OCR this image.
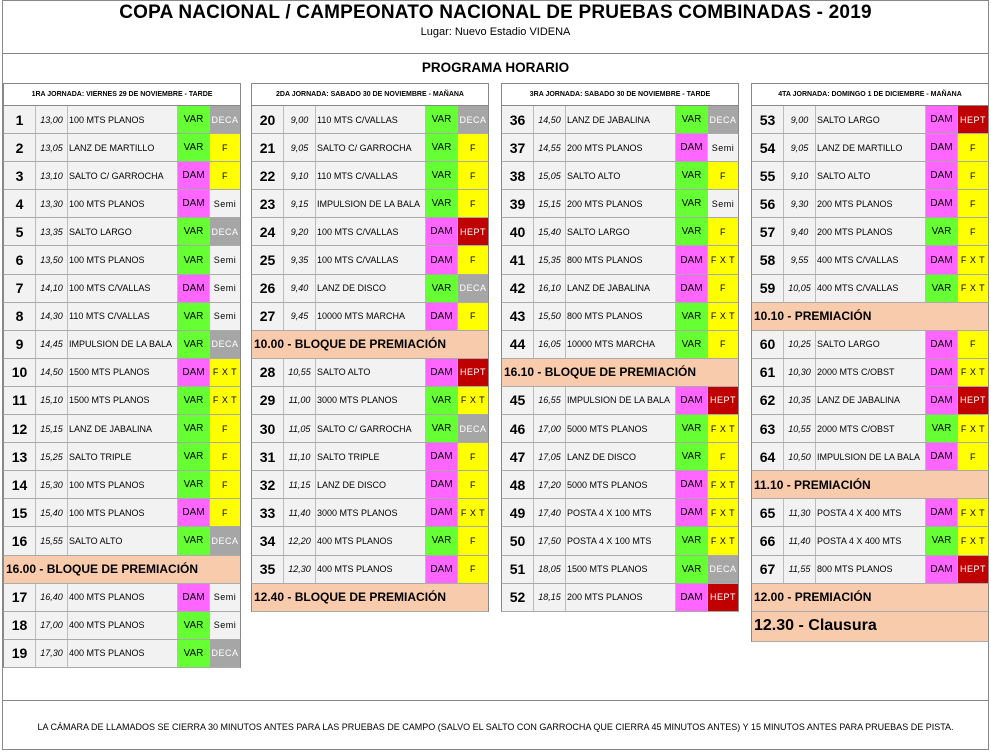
COPA NACIONAL / CAMPEONATO NACIONAL DE PRUEBAS COMBINADAS - 2019
Lugar: Nuevo Estadio VIDENA
PROGRAMA HORARIO
1RA JORNADA: VIERNES 29 DE NOVIEMBRE - TARDE
1	13,00 100 MTS PLANOS	VAR DECA
2	13,05 LANZ DE MARTILLO	VAR	F
3	13,10 SALTO C/ GARROCHA	DAM	F
4	13,30 100 MTS PLANOS	DAM	Semi
5	13,35 SALTO LARGO	VAR DECA
6	13,50 100 MTS PLANOS	VAR	Semi
7	14,10 100 MTS C/VALLAS	DAM	Semi
8	14,30 110 MTS C/VALLAS	VAR	Semi
9	14,45 IMPULSION DE LA BALA	VAR DECA
10	14,50 1500 MTS PLANOS	DAM F X T
11	15,10 1500 MTS PLANOS	VAR	F X T
12	15,15 LANZ DE JABALINA	VAR	F
13	15,25 SALTO TRIPLE	VAR	F
14	15,30 100 MTS PLANOS	VAR	F
15	15,40 100 MTS PLANOS	DAM	F
16	15,55 SALTO ALTO	VAR DECA
16.00 - BLOQUE DE PREMIACIÓN
17	16,40 400 MTS PLANOS	DAM	Semi
18	17,00 400 MTS PLANOS	VAR	Semi
19	17,30 400 MTS PLANOS	VAR DECA
2DA JORNADA: SABADO 30 DE NOVIEMBRE - MAÑANA
20	9,00 110 MTS C/VALLAS	VAR DECA
21	9,05 SALTO C/ GARROCHA	VAR	F
22	9,10 110 MTS C/VALLAS	VAR	F
23	9,15 IMPULSION DE LA BALA	VAR	F
24	9,20 100 MTS C/VALLAS	DAM HEPT
25	9,35 100 MTS C/VALLAS	DAM	F
26	9,40 LANZ DE DISCO	VAR DECA
27	9,45 10000 MTS MARCHA	DAM	F
10.00 - BLOQUE DE PREMIACIÓN
28	10,55 SALTO ALTO	DAM HEPT
29	11,00 3000 MTS PLANOS	VAR	F X T
30	11,05 SALTO C/ GARROCHA	VAR DECA
31	11,10 SALTO TRIPLE	DAM	F
32	11,15 LANZ DE DISCO	DAM	F
33	11,40 3000 MTS PLANOS	DAM F X T
34	12,20 400 MTS PLANOS	VAR	F
35	12,30 400 MTS PLANOS	DAM	F
12.40 - BLOQUE DE PREMIACIÓN
3RA JORNADA: SABADO 30 DE NOVIEMBRE - TARDE
36	14,50 LANZ DE JABALINA	VAR DECA
37	14,55 200 MTS PLANOS	DAM	Semi
38	15,05 SALTO ALTO	VAR	F
39	15,15 200 MTS PLANOS	VAR	Semi
40	15,40 SALTO LARGO	VAR	F
41	15,35 800 MTS PLANOS	DAM F X T
42	16,10 LANZ DE JABALINA	DAM	F
43	15,50 800 MTS PLANOS	VAR	F X T
44	16,05 10000 MTS MARCHA	VAR	F
16.10 - BLOQUE DE PREMIACIÓN
45	16,55 IMPULSION DE LA BALA	DAM HEPT
46	17,00 5000 MTS PLANOS	VAR	F X T
47	17,05 LANZ DE DISCO	VAR	F
48	17,20 5000 MTS PLANOS	DAM F X T
49	17,40 POSTA 4 X 100 MTS	DAM F X T
50	17,50 POSTA 4 X 100 MTS	VAR	F X T
51	18,05 1500 MTS PLANOS	VAR DECA
52	18,15 200 MTS PLANOS	DAM HEPT
4TA JORNADA: DOMINGO 1 DE DICIEMBRE - MAÑANA
53	9,00 SALTO LARGO	DAM HEPT
54	9,05 LANZ DE MARTILLO	DAM	F
55	9,10 SALTO ALTO	DAM	F
56	9,30 200 MTS PLANOS	DAM	F
57	9,40 200 MTS PLANOS	VAR	F
58	9,55 400 MTS C/VALLAS	DAM F X T
59	10,05 400 MTS C/VALLAS	VAR	F X T
10.10 - PREMIACIÓN
60	10,25 SALTO LARGO	DAM	F
61	10,30 2000 MTS C/OBST	DAM F X T
62	10,35 LANZ DE JABALINA	DAM HEPT
63	10,55 2000 MTS C/OBST	VAR	F X T
64	10,50 IMPULSION DE LA BALA	DAM	F
11.10 - PREMIACIÓN
65	11,30 POSTA 4 X 400 MTS	DAM F X T
66	11,40 POSTA 4 X 400 MTS	VAR	F X T
67	11,55 800 MTS PLANOS	DAM HEPT
12.00 - PREMIACIÓN
12.30 - Clausura
LA CÁMARA DE LLAMADOS SE CIERRA 30 MINUTOS ANTES PARA LAS PRUEBAS DE CAMPO (SALVO EL SALTO CON GARROCHA QUE CIERRA 45 MINUTOS ANTES) Y 15 MINUTOS ANTES PARA PRUEBAS DE PISTA.
